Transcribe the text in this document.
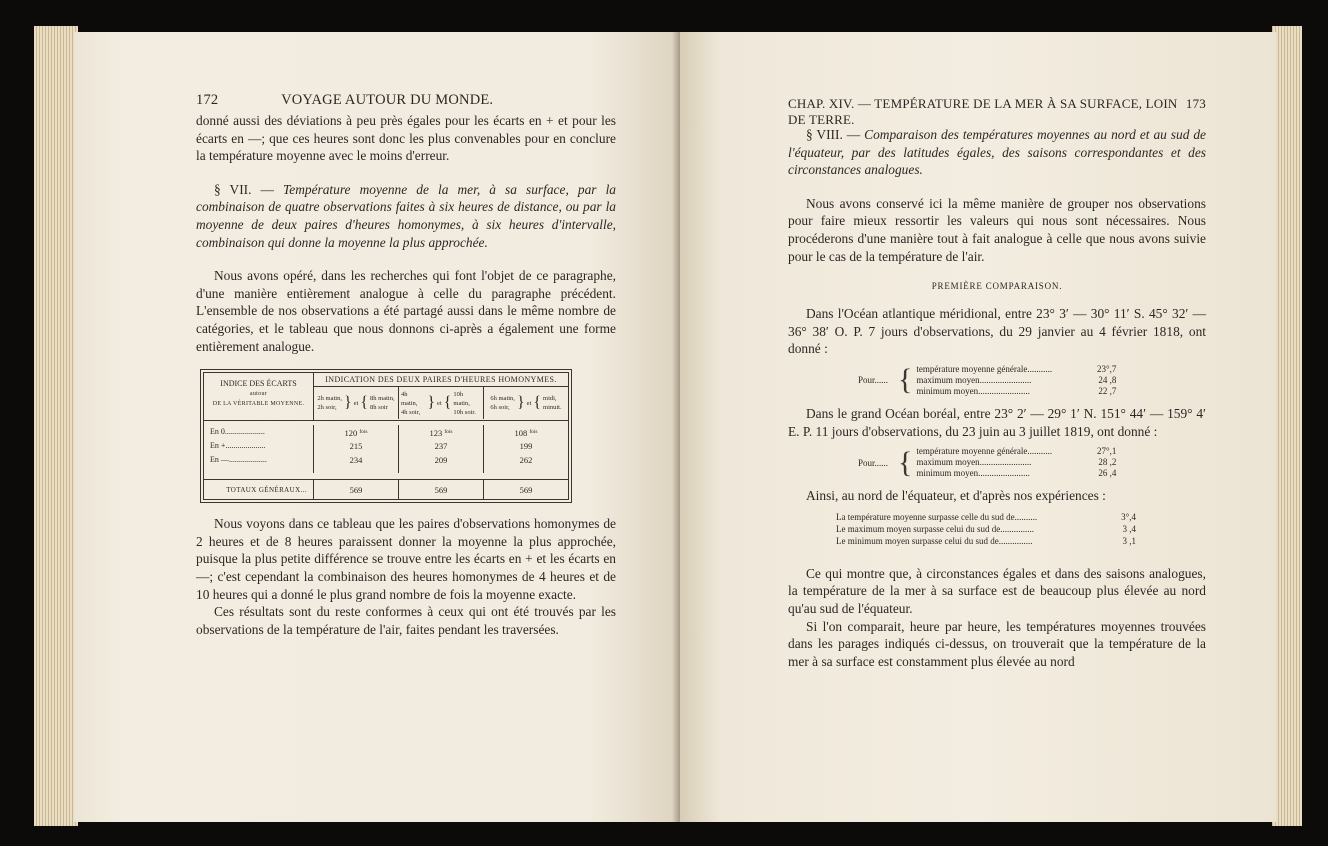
172	VOYAGE AUTOUR DU MONDE.

donné aussi des déviations à peu près égales pour les écarts en + et pour les écarts en —; que ces heures sont donc les plus convenables pour en conclure la température moyenne avec le moins d'erreur.

§ VII. — Température moyenne de la mer, à sa surface, par la combinaison de quatre observations faites à six heures de distance, ou par la moyenne de deux paires d'heures homonymes, à six heures d'intervalle, combinaison qui donne la moyenne la plus approchée.

Nous avons opéré, dans les recherches qui font l'objet de ce paragraphe, d'une manière entièrement analogue à celle du paragraphe précédent. L'ensemble de nos observations a été partagé aussi dans le même nombre de catégories, et le tableau que nous donnons ci-après a également une forme entièrement analogue.

INDICE DES ÉCARTS
autour
DE LA VÉRITABLE MOYENNE.
INDICATION DES DEUX PAIRES D'HEURES HOMONYMES.
2h matin,
2h soir, } et { 8h matin,
8h soir
4h matin,
4h soir,
} et { 10h matin,
10h soir.
6h matin,
6h soir, } et { midi,
minuit.
En 0....................	120 $^{fois}$	123 $^{fois}$	108 $^{fois}$
En +....................	215	237	199
En —...................	234	209	262
TOTAUX GÉNÉRAUX...	569	569	569

Nous voyons dans ce tableau que les paires d'observations homonymes de 2 heures et de 8 heures paraissent donner la moyenne la plus approchée, puisque la plus petite différence se trouve entre les écarts en + et les écarts en —; c'est cependant la combinaison des heures homonymes de 4 heures et de 10 heures qui a donné le plus grand nombre de fois la moyenne exacte.

Ces résultats sont du reste conformes à ceux qui ont été trouvés par les observations de la température de l'air, faites pendant les traversées.

CHAP. XIV. — TEMPÉRATURE DE LA MER À SA SURFACE, LOIN DE TERRE.
173

§ VIII. — Comparaison des températures moyennes au nord et au sud de l'équateur, par des latitudes égales, des saisons correspondantes et des circonstances analogues.

Nous avons conservé ici la même manière de grouper nos observations pour faire mieux ressortir les valeurs qui nous sont nécessaires. Nous procéderons d'une manière tout à fait analogue à celle que nous avons suivie pour le cas de la température de l'air.

PREMIÈRE COMPARAISON.

Dans l'Océan atlantique méridional, entre 23° 3′ — 30° 11′ S. 45° 32′ — 36° 38′ O. P. 7 jours d'observations, du 29 janvier au 4 février 1818, ont donné :

Pour...... { température moyenne générale...........	23°,7
maximum moyen.......................	24 ,8
minimum moyen.......................	22 ,7

Dans le grand Océan boréal, entre 23° 2′ — 29° 1′ N. 151° 44′ — 159° 4′ E. P. 11 jours d'observations, du 23 juin au 3 juillet 1819, ont donné :

Pour...... { température moyenne générale...........	27°,1
maximum moyen.......................	28 ,2
minimum moyen.......................	26 ,4

Ainsi, au nord de l'équateur, et d'après nos expériences :

La température moyenne surpasse celle du sud de..........	3°,4
Le maximum moyen surpasse celui du sud de...............	3 ,4
Le minimum moyen surpasse celui du sud de...............	3 ,1

Ce qui montre que, à circonstances égales et dans des saisons analogues, la température de la mer à sa surface est de beaucoup plus élevée au nord qu'au sud de l'équateur.

Si l'on comparait, heure par heure, les températures moyennes trouvées dans les parages indiqués ci-dessus, on trouverait que la température de la mer à sa surface est constamment plus élevée au nord
